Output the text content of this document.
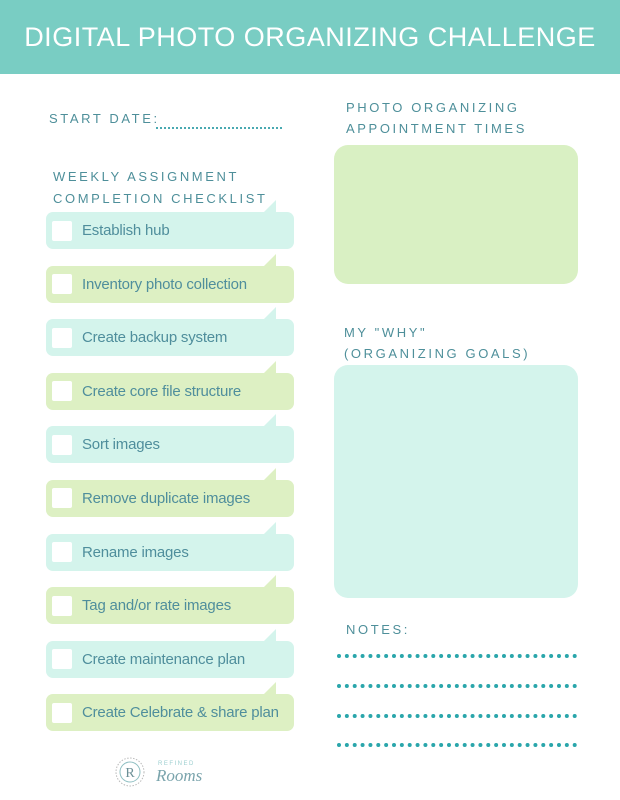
DIGITAL PHOTO ORGANIZING CHALLENGE
START DATE:
WEEKLY ASSIGNMENT
COMPLETION CHECKLIST
Establish hub
Inventory photo collection
Create backup system
Create core file structure
Sort images
Remove duplicate images
Rename images
Tag and/or rate images
Create maintenance plan
Create Celebrate & share plan
PHOTO ORGANIZING
APPOINTMENT TIMES
MY "WHY"
(ORGANIZING GOALS)
NOTES:
R
REFINED
Rooms
